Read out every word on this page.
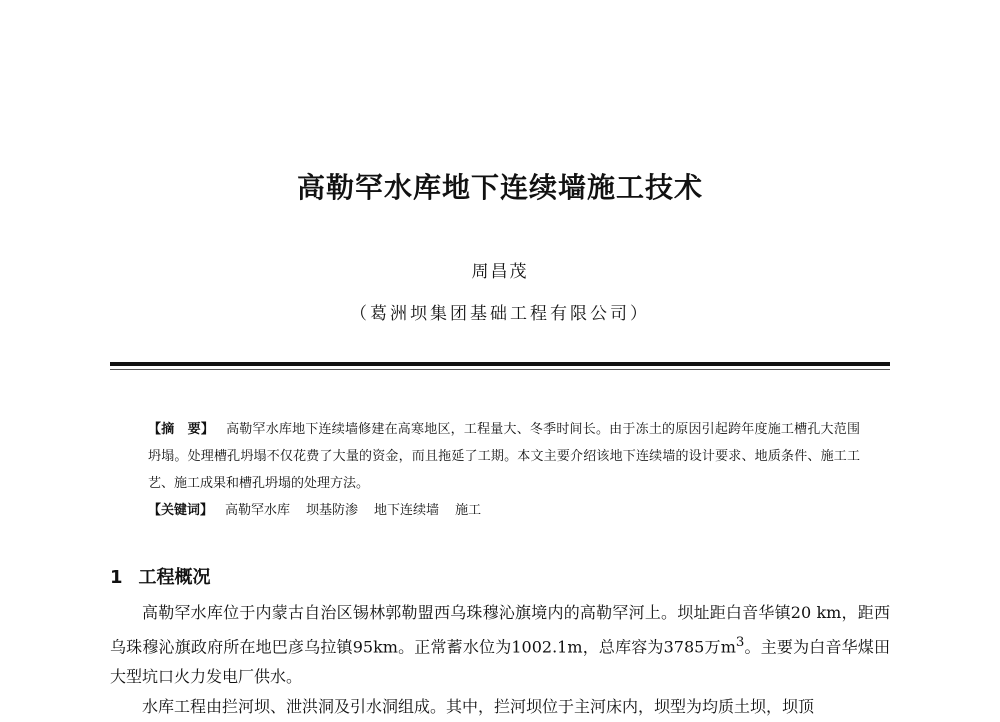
高勒罕水库地下连续墙施工技术
周昌茂
（葛洲坝集团基础工程有限公司）

【摘　要】 高勒罕水库地下连续墙修建在高寒地区，工程量大、冬季时间长。由于冻土的原因引起跨年度施工槽孔大范围坍塌。处理槽孔坍塌不仅花费了大量的资金，而且拖延了工期。本文主要介绍该地下连续墙的设计要求、地质条件、施工工艺、施工成果和槽孔坍塌的处理方法。

【关键词】 高勒罕水库 坝基防渗 地下连续墙 施工

1 工程概况

高勒罕水库位于内蒙古自治区锡林郭勒盟西乌珠穆沁旗境内的高勒罕河上。坝址距白音华镇20 km，距西乌珠穆沁旗政府所在地巴彦乌拉镇95km。正常蓄水位为1002.1m，总库容为3785万$m^3$。主要为白音华煤田大型坑口火力发电厂供水。

水库工程由拦河坝、泄洪洞及引水洞组成。其中，拦河坝位于主河床内，坝型为均质土坝，坝顶
